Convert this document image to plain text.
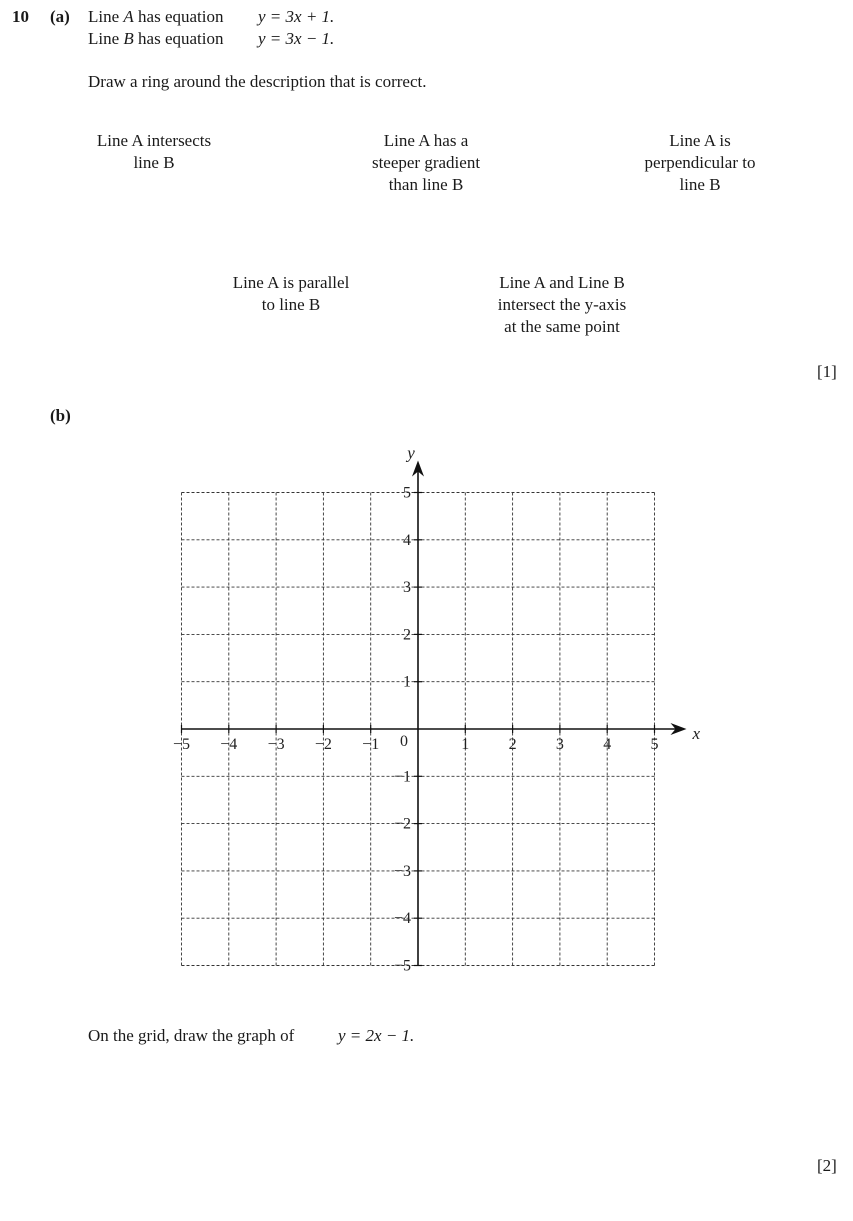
10 (a) Line A has equation y = 3x + 1.
Line B has equation y = 3x − 1.
Draw a ring around the description that is correct.
Line A intersects
line B
Line A has a
steeper gradient
than line B
Line A is
perpendicular to
line B
Line A is parallel
to line B
Line A and Line B
intersect the y-axis
at the same point
[1]
(b)
−5 −4 −3 −2 −1	1 2 3 4 5
5
4
3
2
1
−1
−2
−3
−4
−5
0	x
y
On the grid, draw the graph of	y = 2x − 1.
[2]
